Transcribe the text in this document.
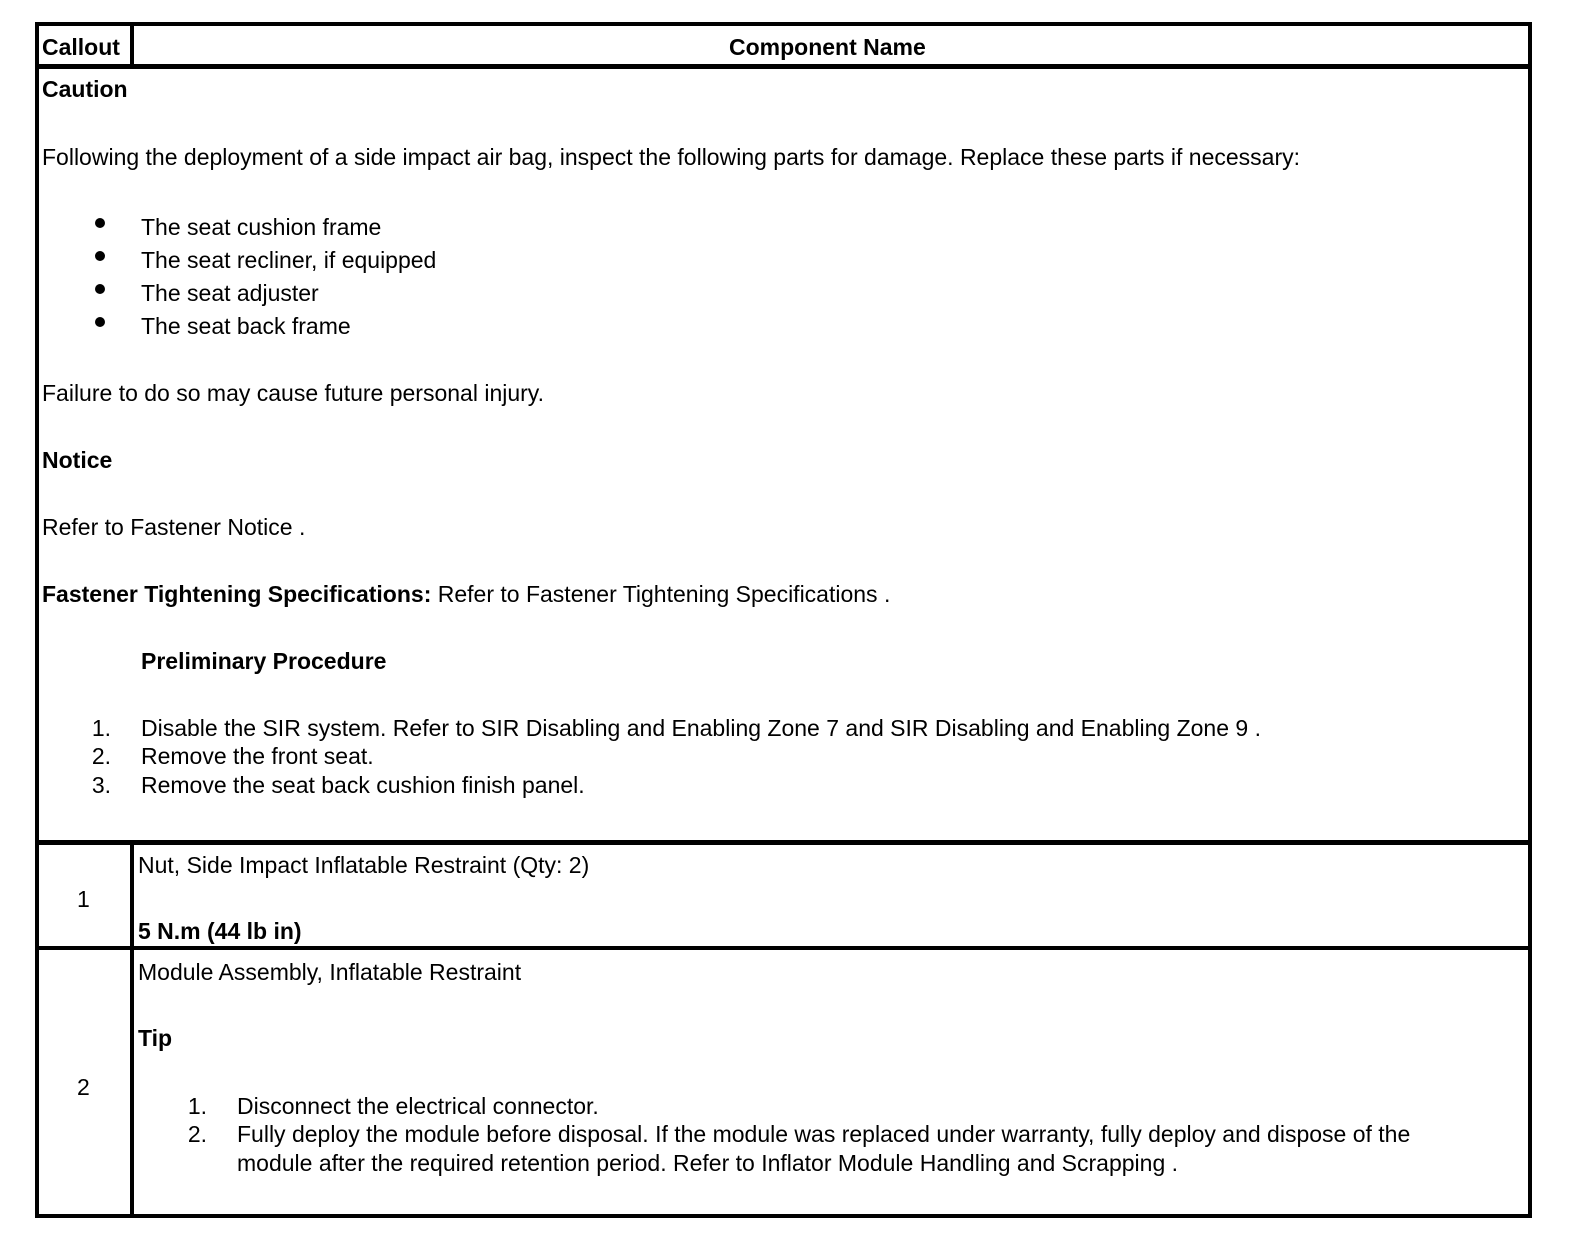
Callout	Component Name
Caution
Following the deployment of a side impact air bag, inspect the following parts for damage. Replace these parts if necessary:
The seat cushion frame
The seat recliner, if equipped
The seat adjuster
The seat back frame
Failure to do so may cause future personal injury.
Notice
Refer to Fastener Notice .
Fastener Tightening Specifications: Refer to Fastener Tightening Specifications .
Preliminary Procedure
1. Disable the SIR system. Refer to SIR Disabling and Enabling Zone 7 and SIR Disabling and Enabling Zone 9 .
2. Remove the front seat.
3. Remove the seat back cushion finish panel.
1
Nut, Side Impact Inflatable Restraint (Qty: 2)
5 N.m (44 lb in)
2
Module Assembly, Inflatable Restraint
Tip
1. Disconnect the electrical connector.
2. Fully deploy the module before disposal. If the module was replaced under warranty, fully deploy and dispose of the
module after the required retention period. Refer to Inflator Module Handling and Scrapping .
